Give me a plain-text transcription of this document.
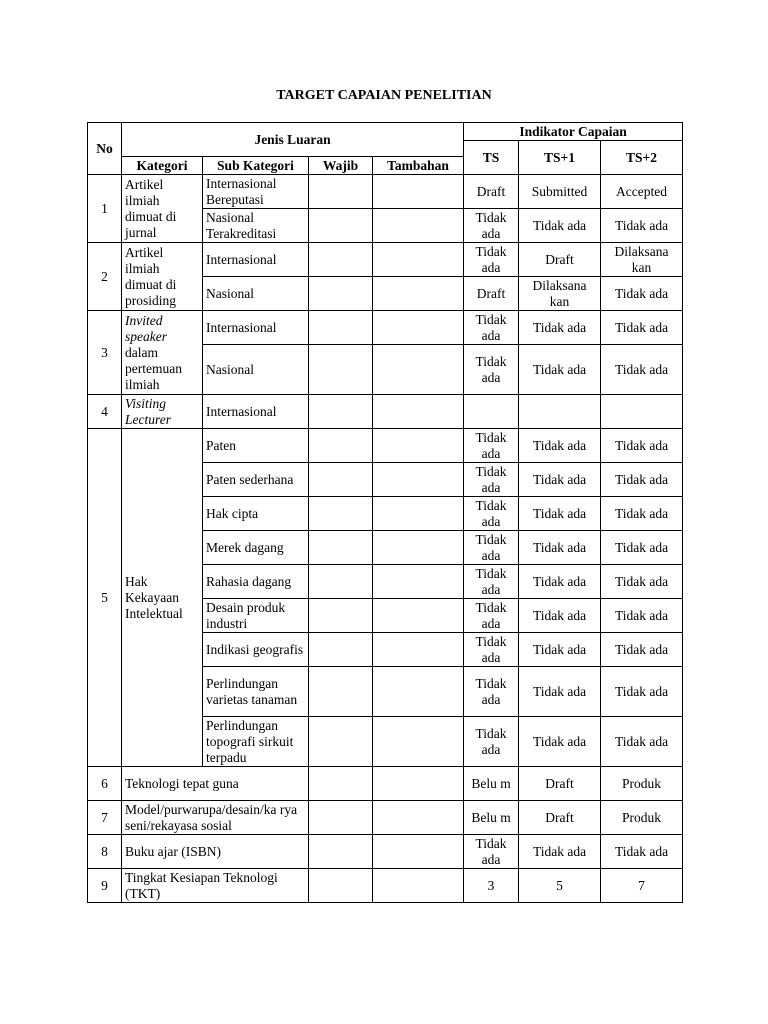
TARGET CAPAIAN PENELITIAN
No	Jenis Luaran				Indikator Capaian		
					TS	TS+1	TS+2
	Kategori	Sub Kategori	Wajib	Tambahan			
1	Artikel ilmiah dimuat di jurnal	Internasional Bereputasi			Draft	Submitted	Accepted
		Nasional Terakreditasi			Tidak ada	Tidak ada	Tidak ada
2	Artikel ilmiah dimuat di prosiding	Internasional			Tidak ada	Draft	Dilaksana kan
		Nasional			Draft	Dilaksana kan	Tidak ada
3	Invited speaker dalam pertemuan ilmiah	Internasional			Tidak ada	Tidak ada	Tidak ada
		Nasional			Tidak ada	Tidak ada	Tidak ada
4	Visiting Lecturer	Internasional					
5	Hak Kekayaan Intelektual	Paten			Tidak ada	Tidak ada	Tidak ada
		Paten sederhana			Tidak ada	Tidak ada	Tidak ada
		Hak cipta			Tidak ada	Tidak ada	Tidak ada
		Merek dagang			Tidak ada	Tidak ada	Tidak ada
		Rahasia dagang			Tidak ada	Tidak ada	Tidak ada
		Desain produk industri			Tidak ada	Tidak ada	Tidak ada
		Indikasi geografis			Tidak ada	Tidak ada	Tidak ada
		Perlindungan varietas tanaman			Tidak ada	Tidak ada	Tidak ada
		Perlindungan topografi sirkuit terpadu			Tidak ada	Tidak ada	Tidak ada
6	Teknologi tepat guna				Belu m	Draft	Produk
7	Model/purwarupa/desain/ka rya seni/rekayasa sosial				Belu m	Draft	Produk
8	Buku ajar (ISBN)				Tidak ada	Tidak ada	Tidak ada
9	Tingkat Kesiapan Teknologi (TKT)				3	5	7
